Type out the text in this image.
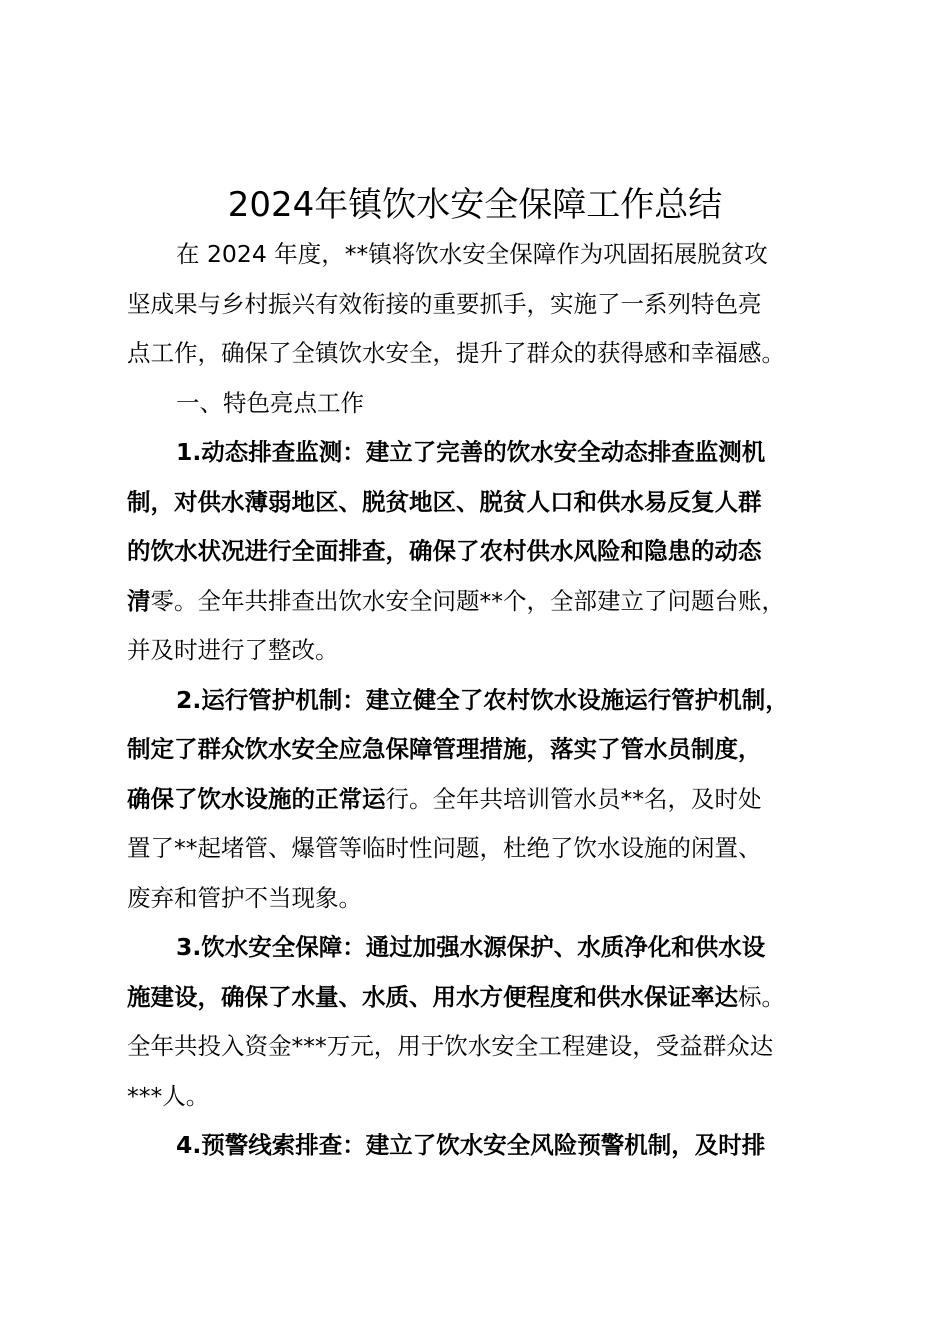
2024年镇饮水安全保障工作总结
在 2024 年度，**镇将饮水安全保障作为巩固拓展脱贫攻
坚成果与乡村振兴有效衔接的重要抓手，实施了一系列特色亮
点工作，确保了全镇饮水安全，提升了群众的获得感和幸福感。
一、特色亮点工作
1.动态排查监测：建立了完善的饮水安全动态排查监测机
制，对供水薄弱地区、脱贫地区、脱贫人口和供水易反复人群
的饮水状况进行全面排查，确保了农村供水风险和隐患的动态
清零。全年共排查出饮水安全问题**个，全部建立了问题台账，
并及时进行了整改。
2.运行管护机制：建立健全了农村饮水设施运行管护机制，
制定了群众饮水安全应急保障管理措施，落实了管水员制度，
确保了饮水设施的正常运行。全年共培训管水员**名，及时处
置了**起堵管、爆管等临时性问题，杜绝了饮水设施的闲置、
废弃和管护不当现象。
3.饮水安全保障：通过加强水源保护、水质净化和供水设
施建设，确保了水量、水质、用水方便程度和供水保证率达标。
全年共投入资金***万元，用于饮水安全工程建设，受益群众达
***人。
4.预警线索排查：建立了饮水安全风险预警机制，及时排
